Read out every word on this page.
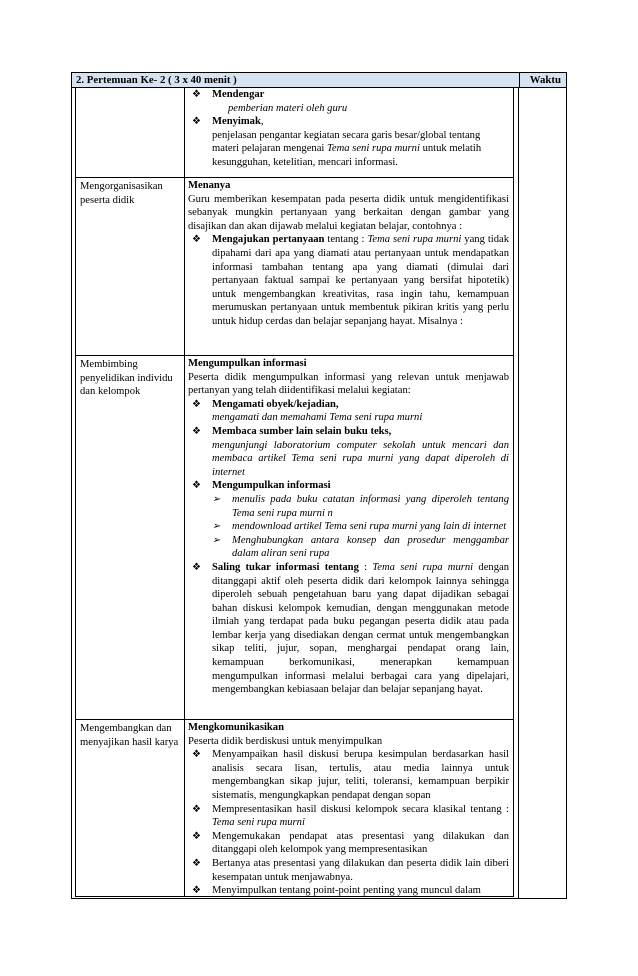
2. Pertemuan Ke- 2 ( 3 x 40 menit )	Waktu
❖ Mendengar

pemberian materi oleh guru

❖ Menyimak,

penjelasan pengantar kegiatan secara garis besar/global tentang

materi pelajaran mengenai Tema seni rupa murni untuk melatih

kesungguhan, ketelitian, mencari informasi.

Mengorganisasikan peserta didik

Menanya

Guru memberikan kesempatan pada peserta didik untuk mengidentifikasi sebanyak mungkin pertanyaan yang berkaitan dengan gambar yang disajikan dan akan dijawab melalui kegiatan belajar, contohnya :

❖ Mengajukan pertanyaan tentang : Tema seni rupa murni yang tidak dipahami dari apa yang diamati atau pertanyaan untuk mendapatkan informasi tambahan tentang apa yang diamati (dimulai dari pertanyaan faktual sampai ke pertanyaan yang bersifat hipotetik) untuk mengembangkan kreativitas, rasa ingin tahu, kemampuan merumuskan pertanyaan untuk membentuk pikiran kritis yang perlu untuk hidup cerdas dan belajar sepanjang hayat. Misalnya :
Membimbing penyelidikan individu dan kelompok

Mengumpulkan informasi

Peserta didik mengumpulkan informasi yang relevan untuk menjawab pertanyan yang telah diidentifikasi melalui kegiatan:

❖ Mengamati obyek/kejadian,

mengamati dan memahami Tema seni rupa murni

❖ Membaca sumber lain selain buku teks,

mengunjungi laboratorium computer sekolah untuk mencari dan membaca artikel Tema seni rupa murni yang dapat diperoleh di internet

❖ Mengumpulkan informasi
➢ menulis pada buku catatan informasi yang diperoleh tentang Tema seni rupa murni n
➢ mendownload artikel Tema seni rupa murni yang lain di internet
➢ Menghubungkan antara konsep dan prosedur menggambar dalam aliran seni rupa
❖ Saling tukar informasi tentang : Tema seni rupa murni dengan ditanggapi aktif oleh peserta didik dari kelompok lainnya sehingga diperoleh sebuah pengetahuan baru yang dapat dijadikan sebagai bahan diskusi kelompok kemudian, dengan menggunakan metode ilmiah yang terdapat pada buku pegangan peserta didik atau pada lembar kerja yang disediakan dengan cermat untuk mengembangkan sikap teliti, jujur, sopan, menghargai pendapat orang lain, kemampuan berkomunikasi, menerapkan kemampuan mengumpulkan informasi melalui berbagai cara yang dipelajari, mengembangkan kebiasaan belajar dan belajar sepanjang hayat.
Mengembangkan dan menyajikan hasil karya

Mengkomunikasikan

Peserta didik berdiskusi untuk menyimpulkan

❖ Menyampaikan hasil diskusi berupa kesimpulan berdasarkan hasil analisis secara lisan, tertulis, atau media lainnya untuk mengembangkan sikap jujur, teliti, toleransi, kemampuan berpikir sistematis, mengungkapkan pendapat dengan sopan
❖ Mempresentasikan hasil diskusi kelompok secara klasikal tentang : Tema seni rupa murni
❖ Mengemukakan pendapat atas presentasi yang dilakukan dan ditanggapi oleh kelompok yang mempresentasikan
❖ Bertanya atas presentasi yang dilakukan dan peserta didik lain diberi kesempatan untuk menjawabnya.
❖ Menyimpulkan tentang point-point penting yang muncul dalam
